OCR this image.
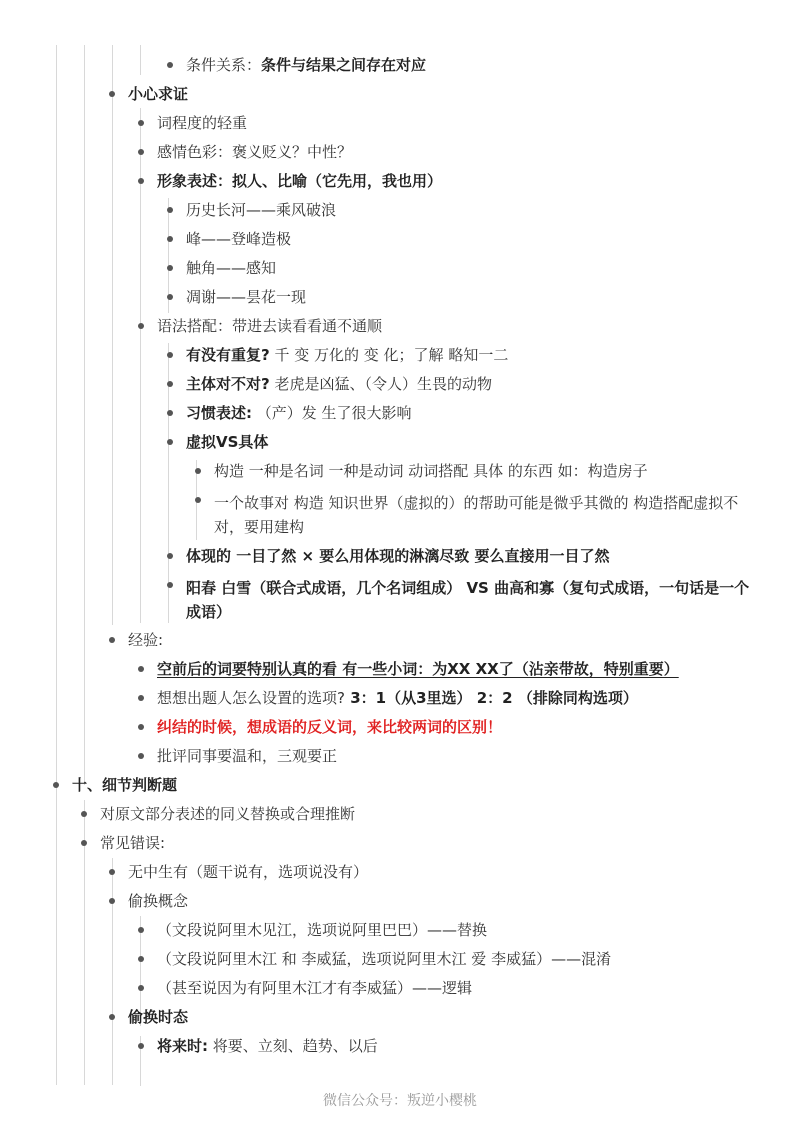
条件关系：条件与结果之间存在对应
小心求证
词程度的轻重
感情色彩：褒义贬义？中性？
形象表述：拟人、比喻（它先用，我也用）
历史长河——乘风破浪
峰——登峰造极
触角——感知
凋谢——昙花一现
语法搭配：带进去读看看通不通顺
有没有重复? 千 变 万化的 变 化；了解 略知一二
主体对不对? 老虎是凶猛、（令人）生畏的动物
习惯表述: （产）发 生了很大影响
虚拟VS具体
构造 一种是名词 一种是动词 动词搭配 具体 的东西 如：构造房子
一个故事对 构造 知识世界（虚拟的）的帮助可能是微乎其微的 构造搭配虚拟不对，要用建构
体现的 一目了然 × 要么用体现的淋漓尽致 要么直接用一目了然
阳春 白雪（联合式成语，几个名词组成） VS 曲高和寡（复句式成语，一句话是一个成语）
经验:
空前后的词要特别认真的看 有一些小词：为XX XX了（沾亲带故，特别重要）
想想出题人怎么设置的选项? 3：1（从3里选） 2：2 （排除同构选项）
纠结的时候，想成语的反义词，来比较两词的区别！
批评同事要温和，三观要正
十、细节判断题
对原文部分表述的同义替换或合理推断
常见错误:
无中生有（题干说有，选项说没有）
偷换概念
（文段说阿里木见江，选项说阿里巴巴）——替换
（文段说阿里木江 和 李威猛，选项说阿里木江 爱 李威猛）——混淆
（甚至说因为有阿里木江才有李威猛）——逻辑
偷换时态
将来时: 将要、立刻、趋势、以后
微信公众号：叛逆小樱桃
